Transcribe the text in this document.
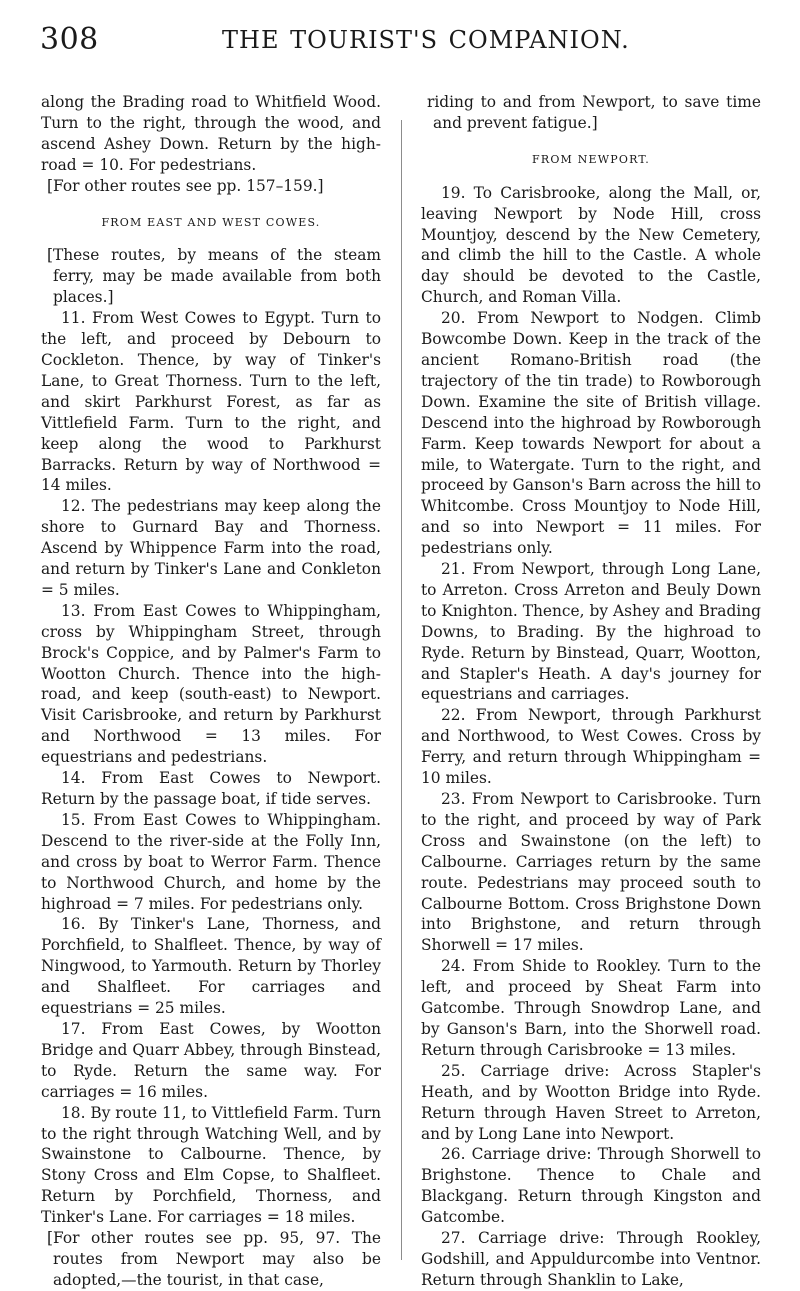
308	THE TOURIST'S COMPANION.

along the Brading road to Whitfield Wood. Turn to the right, through the wood, and ascend Ashey Down. Return by the high-road = 10. For pedestrians.

[For other routes see pp. 157–159.]

FROM EAST AND WEST COWES.

[These routes, by means of the steam ferry, may be made available from both places.]

11. From West Cowes to Egypt. Turn to the left, and proceed by Debourn to Cockleton. Thence, by way of Tinker's Lane, to Great Thorness. Turn to the left, and skirt Parkhurst Forest, as far as Vittlefield Farm. Turn to the right, and keep along the wood to Parkhurst Barracks. Return by way of Northwood = 14 miles.

12. The pedestrians may keep along the shore to Gurnard Bay and Thorness. Ascend by Whippence Farm into the road, and return by Tinker's Lane and Conkleton = 5 miles.

13. From East Cowes to Whippingham, cross by Whippingham Street, through Brock's Coppice, and by Palmer's Farm to Wootton Church. Thence into the high-road, and keep (south-east) to Newport. Visit Carisbrooke, and return by Parkhurst and Northwood = 13 miles. For equestrians and pedestrians.

14. From East Cowes to Newport. Return by the passage boat, if tide serves.

15. From East Cowes to Whippingham. Descend to the river-side at the Folly Inn, and cross by boat to Werror Farm. Thence to Northwood Church, and home by the highroad = 7 miles. For pedestrians only.

16. By Tinker's Lane, Thorness, and Porchfield, to Shalfleet. Thence, by way of Ningwood, to Yarmouth. Return by Thorley and Shalfleet. For carriages and equestrians = 25 miles.

17. From East Cowes, by Wootton Bridge and Quarr Abbey, through Binstead, to Ryde. Return the same way. For carriages = 16 miles.

18. By route 11, to Vittlefield Farm. Turn to the right through Watching Well, and by Swainstone to Calbourne. Thence, by Stony Cross and Elm Copse, to Shalfleet. Return by Porchfield, Thorness, and Tinker's Lane. For carriages = 18 miles.

[For other routes see pp. 95, 97. The routes from Newport may also be adopted,—the tourist, in that case,

riding to and from Newport, to save time and prevent fatigue.]

FROM NEWPORT.

19. To Carisbrooke, along the Mall, or, leaving Newport by Node Hill, cross Mountjoy, descend by the New Cemetery, and climb the hill to the Castle. A whole day should be devoted to the Castle, Church, and Roman Villa.

20. From Newport to Nodgen. Climb Bowcombe Down. Keep in the track of the ancient Romano-British road (the trajectory of the tin trade) to Rowborough Down. Examine the site of British village. Descend into the highroad by Rowborough Farm. Keep towards Newport for about a mile, to Watergate. Turn to the right, and proceed by Ganson's Barn across the hill to Whitcombe. Cross Mountjoy to Node Hill, and so into Newport = 11 miles. For pedestrians only.

21. From Newport, through Long Lane, to Arreton. Cross Arreton and Beuly Down to Knighton. Thence, by Ashey and Brading Downs, to Brading. By the highroad to Ryde. Return by Binstead, Quarr, Wootton, and Stapler's Heath. A day's journey for equestrians and carriages.

22. From Newport, through Parkhurst and Northwood, to West Cowes. Cross by Ferry, and return through Whippingham = 10 miles.

23. From Newport to Carisbrooke. Turn to the right, and proceed by way of Park Cross and Swainstone (on the left) to Calbourne. Carriages return by the same route. Pedestrians may proceed south to Calbourne Bottom. Cross Brighstone Down into Brighstone, and return through Shorwell = 17 miles.

24. From Shide to Rookley. Turn to the left, and proceed by Sheat Farm into Gatcombe. Through Snowdrop Lane, and by Ganson's Barn, into the Shorwell road. Return through Carisbrooke = 13 miles.

25. Carriage drive: Across Stapler's Heath, and by Wootton Bridge into Ryde. Return through Haven Street to Arreton, and by Long Lane into Newport.

26. Carriage drive: Through Shorwell to Brighstone. Thence to Chale and Blackgang. Return through Kingston and Gatcombe.

27. Carriage drive: Through Rookley, Godshill, and Appuldurcombe into Ventnor. Return through Shanklin to Lake,
